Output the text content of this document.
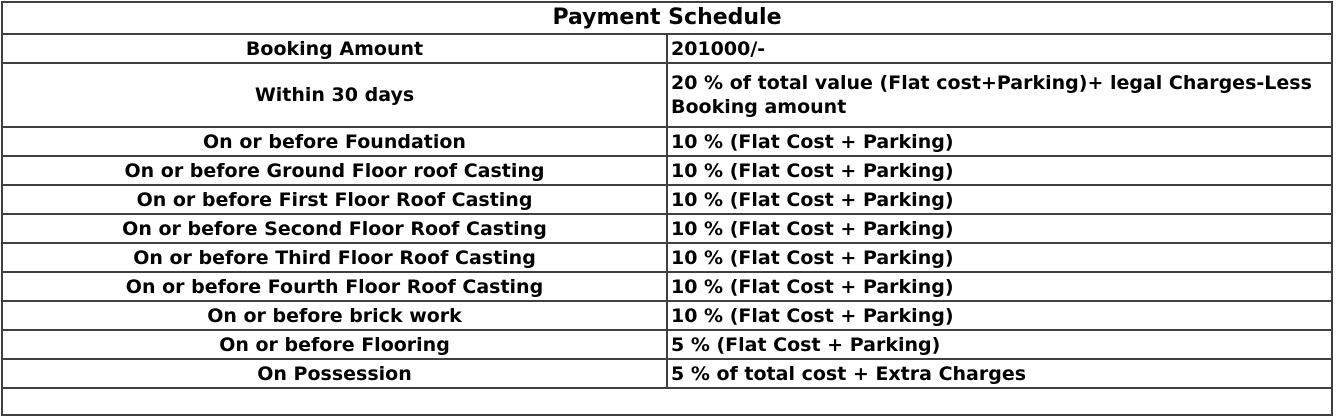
Payment Schedule	
Booking Amount	201000/-
Within 30 days	20 % of total value (Flat cost+Parking)+ legal Charges-Less Booking amount
On or before Foundation	10 % (Flat Cost + Parking)
On or before Ground Floor roof Casting	10 % (Flat Cost + Parking)
On or before First Floor Roof Casting	10 % (Flat Cost + Parking)
On or before Second Floor Roof Casting	10 % (Flat Cost + Parking)
On or before Third Floor Roof Casting	10 % (Flat Cost + Parking)
On or before Fourth Floor Roof Casting	10 % (Flat Cost + Parking)
On or before brick work	10 % (Flat Cost + Parking)
On or before Flooring	5 % (Flat Cost + Parking)
On Possession	5 % of total cost + Extra Charges
